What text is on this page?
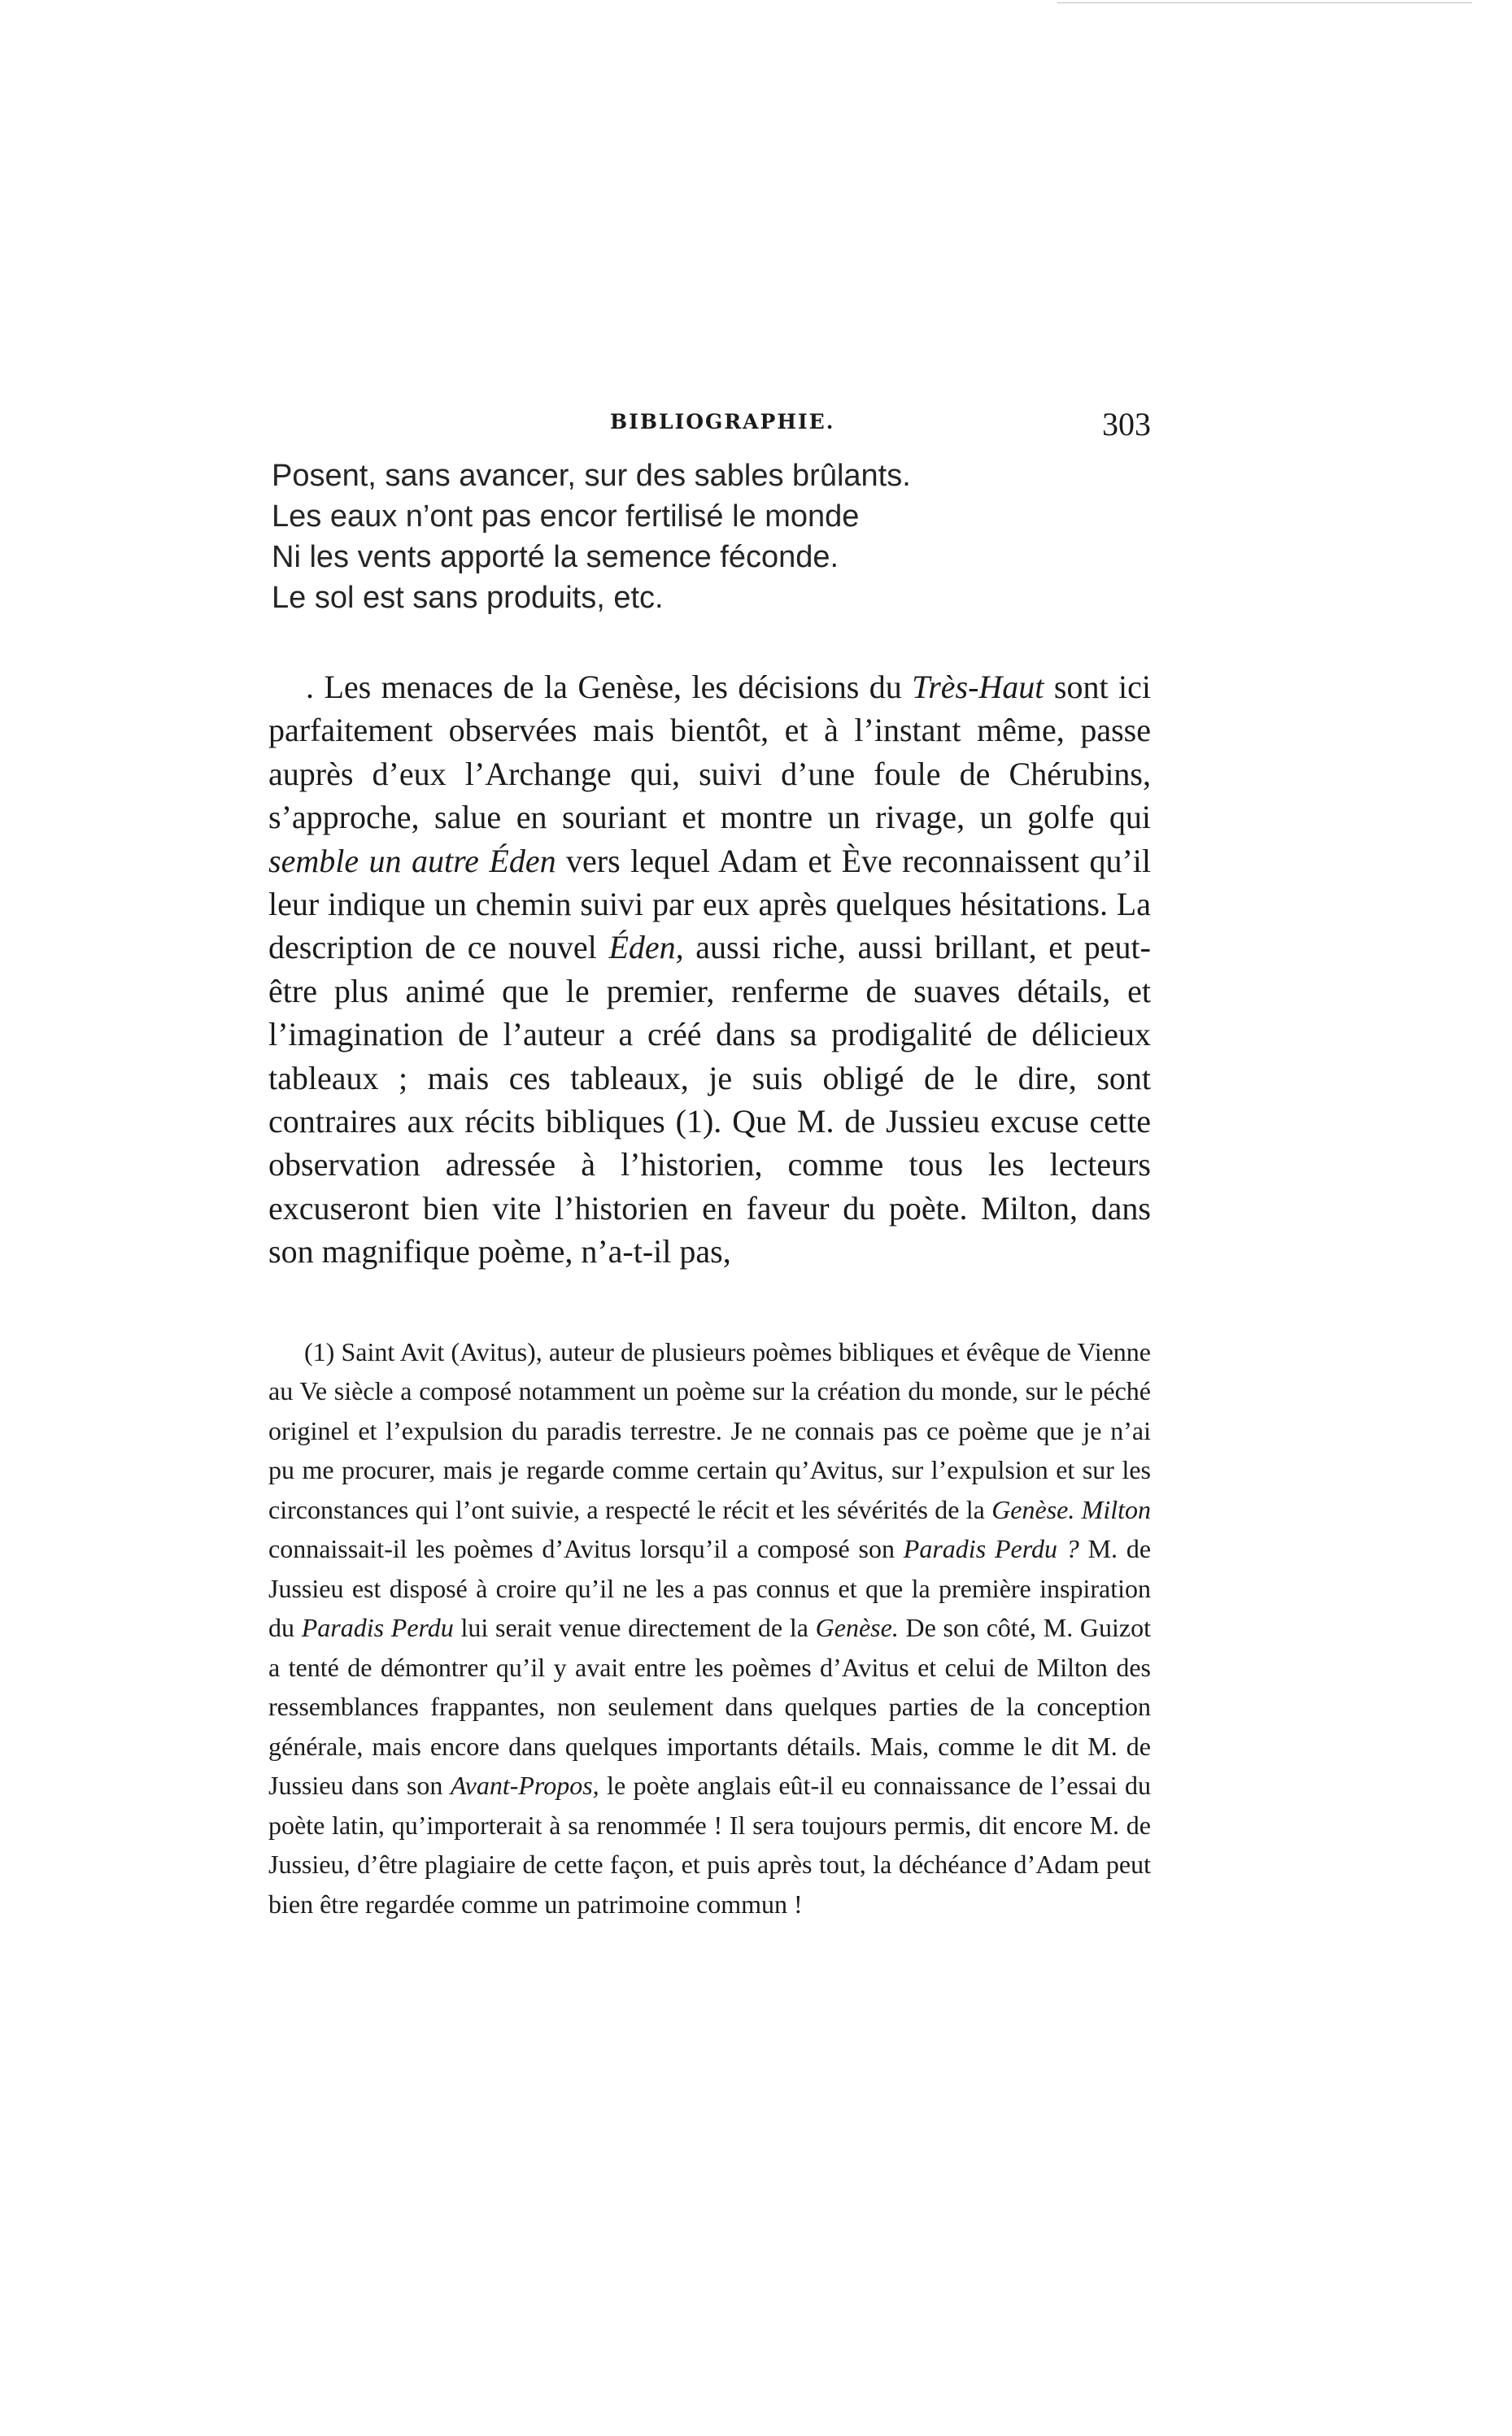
BIBLIOGRAPHIE.	303
Posent, sans avancer, sur des sables brûlants.
Les eaux n’ont pas encor fertilisé le monde
Ni les vents apporté la semence féconde.
Le sol est sans produits, etc.

. Les menaces de la Genèse, les décisions du Très-Haut sont ici parfaitement observées mais bientôt, et à l’instant même, passe auprès d’eux l’Archange qui, suivi d’une foule de Chérubins, s’approche, salue en souriant et montre un rivage, un golfe qui semble un autre Éden vers lequel Adam et Ève reconnaissent qu’il leur indique un chemin suivi par eux après quelques hésitations. La description de ce nouvel Éden, aussi riche, aussi brillant, et peut-être plus animé que le premier, renferme de suaves détails, et l’imagination de l’auteur a créé dans sa prodigalité de délicieux tableaux ; mais ces tableaux, je suis obligé de le dire, sont contraires aux récits bibliques (1). Que M. de Jussieu excuse cette observation adressée à l’historien, comme tous les lecteurs excuseront bien vite l’historien en faveur du poète. Milton, dans son magnifique poème, n’a-t-il pas,

(1) Saint Avit (Avitus), auteur de plusieurs poèmes bibliques et évêque de Vienne au Ve siècle a composé notamment un poème sur la création du monde, sur le péché originel et l’expulsion du paradis terrestre. Je ne connais pas ce poème que je n’ai pu me procurer, mais je regarde comme certain qu’Avitus, sur l’expulsion et sur les circonstances qui l’ont suivie, a respecté le récit et les sévérités de la Genèse. Milton connaissait-il les poèmes d’Avitus lorsqu’il a composé son Paradis Perdu ? M. de Jussieu est disposé à croire qu’il ne les a pas connus et que la première inspiration du Paradis Perdu lui serait venue directement de la Genèse. De son côté, M. Guizot a tenté de démontrer qu’il y avait entre les poèmes d’Avitus et celui de Milton des ressemblances frappantes, non seulement dans quelques parties de la conception générale, mais encore dans quelques importants détails. Mais, comme le dit M. de Jussieu dans son Avant-Propos, le poète anglais eût-il eu connaissance de l’essai du poète latin, qu’importerait à sa renommée ! Il sera toujours permis, dit encore M. de Jussieu, d’être plagiaire de cette façon, et puis après tout, la déchéance d’Adam peut bien être regardée comme un patrimoine commun !
